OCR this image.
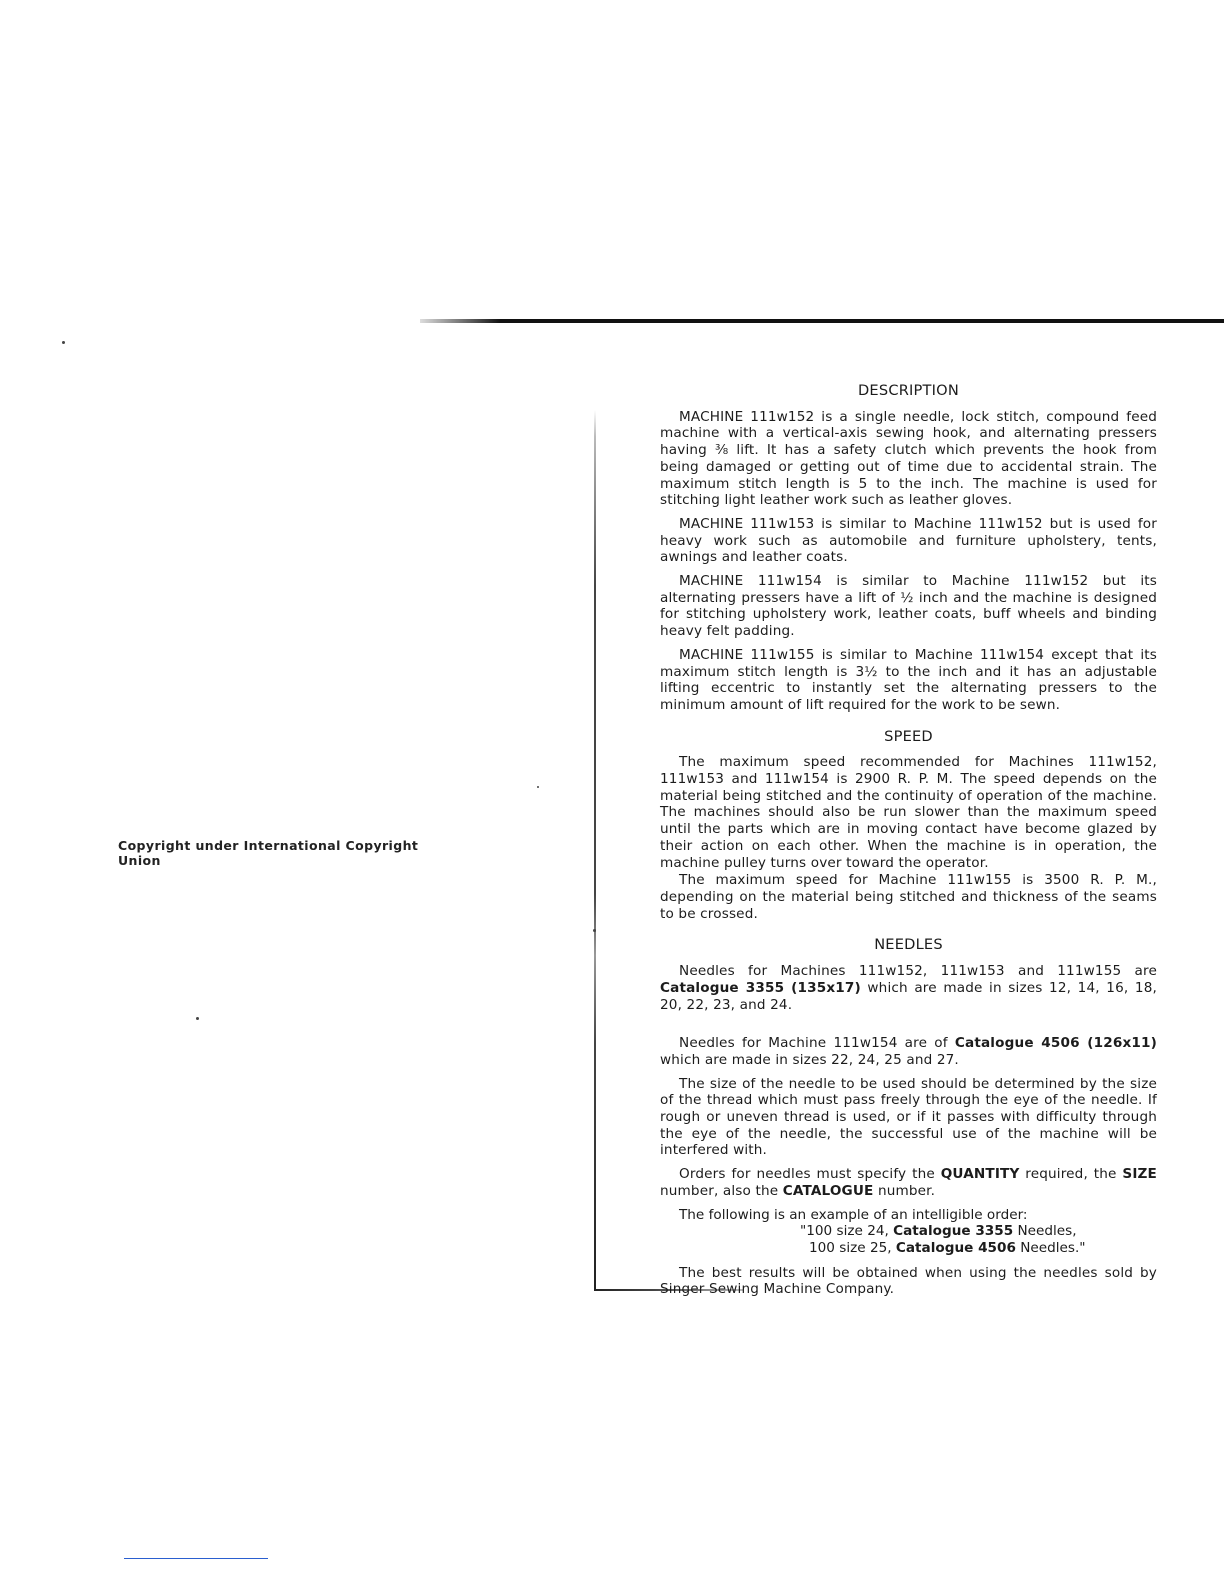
Copyright under International Copyright Union
DESCRIPTION

MACHINE 111w152 is a single needle, lock stitch, compound feed machine with a vertical-axis sewing hook, and alternating pressers having ⅜ lift. It has a safety clutch which prevents the hook from being damaged or getting out of time due to accidental strain. The maximum stitch length is 5 to the inch. The machine is used for stitching light leather work such as leather gloves.

MACHINE 111w153 is similar to Machine 111w152 but is used for heavy work such as automobile and furniture upholstery, tents, awnings and leather coats.

MACHINE 111w154 is similar to Machine 111w152 but its alternating pressers have a lift of ½ inch and the machine is designed for stitching upholstery work, leather coats, buff wheels and binding heavy felt padding.

MACHINE 111w155 is similar to Machine 111w154 except that its maximum stitch length is 3½ to the inch and it has an adjustable lifting eccentric to instantly set the alternating pressers to the minimum amount of lift required for the work to be sewn.

SPEED

The maximum speed recommended for Machines 111w152, 111w153 and 111w154 is 2900 R. P. M. The speed depends on the material being stitched and the continuity of operation of the machine. The machines should also be run slower than the maximum speed until the parts which are in moving contact have become glazed by their action on each other. When the machine is in operation, the machine pulley turns over toward the operator.

The maximum speed for Machine 111w155 is 3500 R. P. M., depending on the material being stitched and thickness of the seams to be crossed.

NEEDLES

Needles for Machines 111w152, 111w153 and 111w155 are Catalogue 3355 (135x17) which are made in sizes 12, 14, 16, 18, 20, 22, 23, and 24.

Needles for Machine 111w154 are of Catalogue 4506 (126x11) which are made in sizes 22, 24, 25 and 27.

The size of the needle to be used should be determined by the size of the thread which must pass freely through the eye of the needle. If rough or uneven thread is used, or if it passes with difficulty through the eye of the needle, the successful use of the machine will be interfered with.

Orders for needles must specify the QUANTITY required, the SIZE number, also the CATALOGUE number.

The following is an example of an intelligible order:
"100 size 24, Catalogue 3355 Needles,
100 size 25, Catalogue 4506 Needles."

The best results will be obtained when using the needles sold by Singer Sewing Machine Company.
